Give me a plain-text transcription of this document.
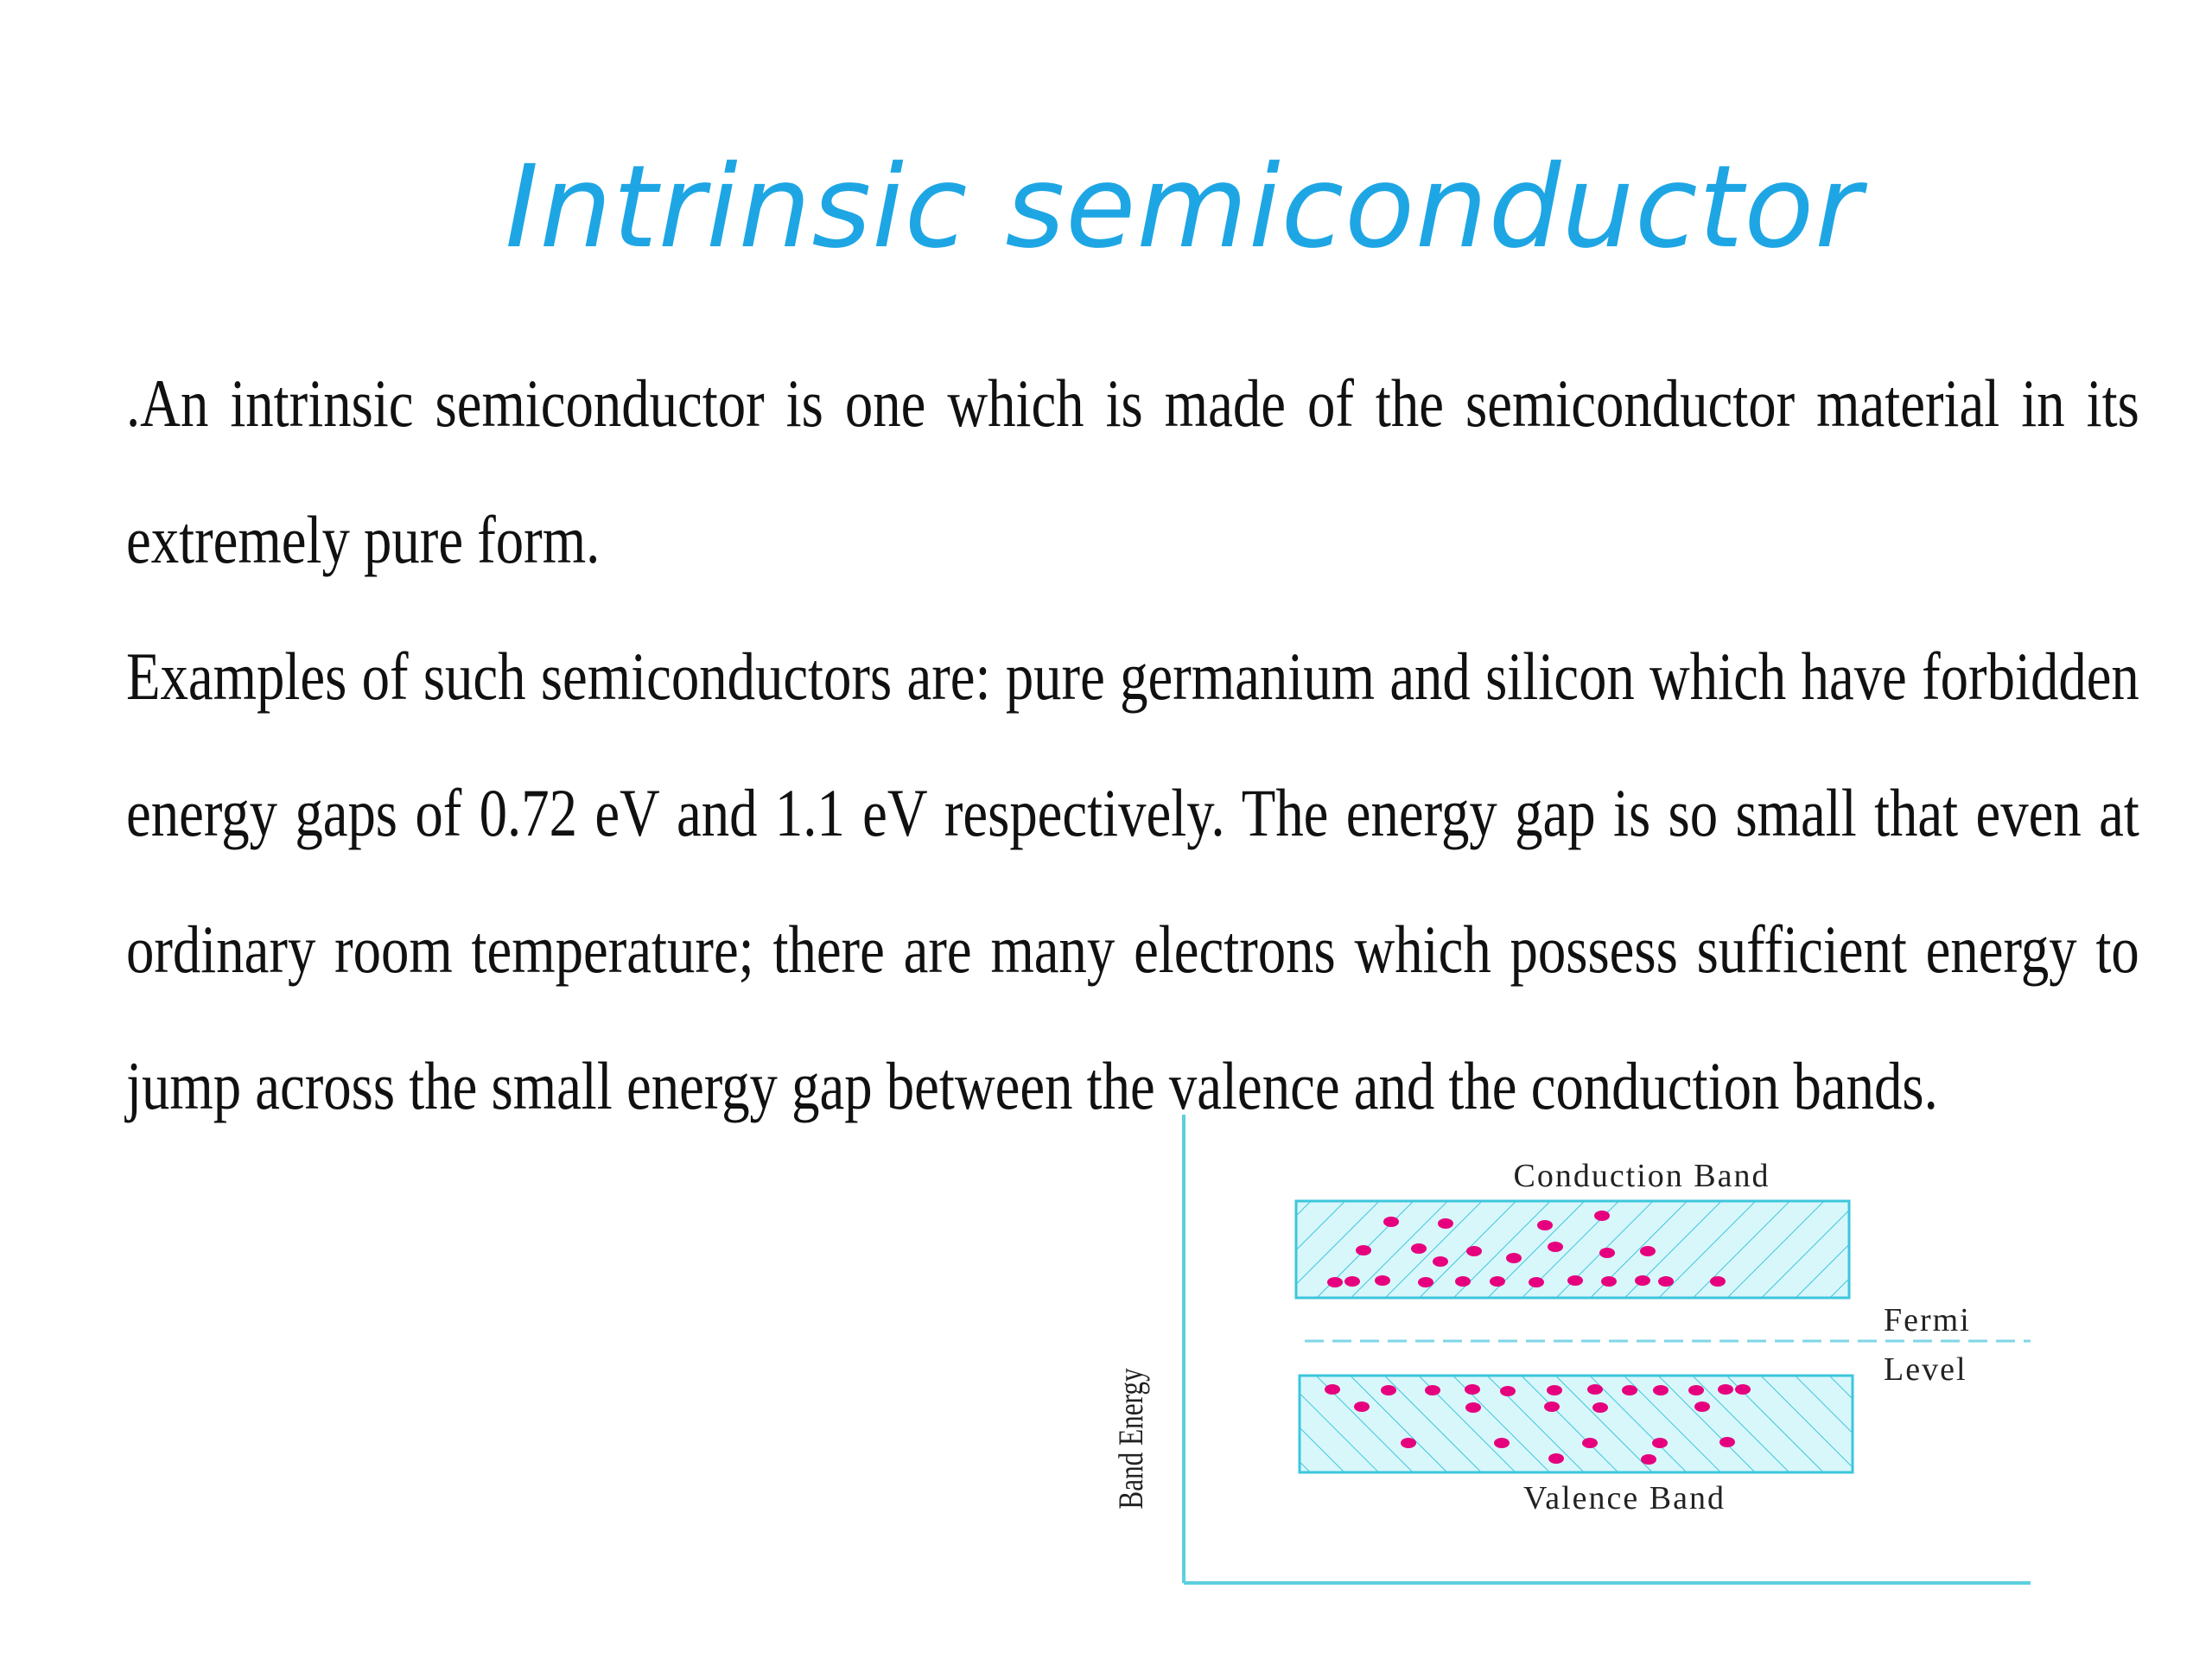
Intrinsic semiconductor

.An intrinsic semiconductor is one which is made of the semiconductor material in its extremely pure form.

Examples of such semiconductors are: pure germanium and silicon which have forbidden energy gaps of 0.72 eV and 1.1 eV respectively. The energy gap is so small that even at ordinary room temperature; there are many electrons which possess sufficient energy to jump across the small energy gap between the valence and the conduction bands.

Band Energy
Conduction Band
Fermi
Level
Valence Band
